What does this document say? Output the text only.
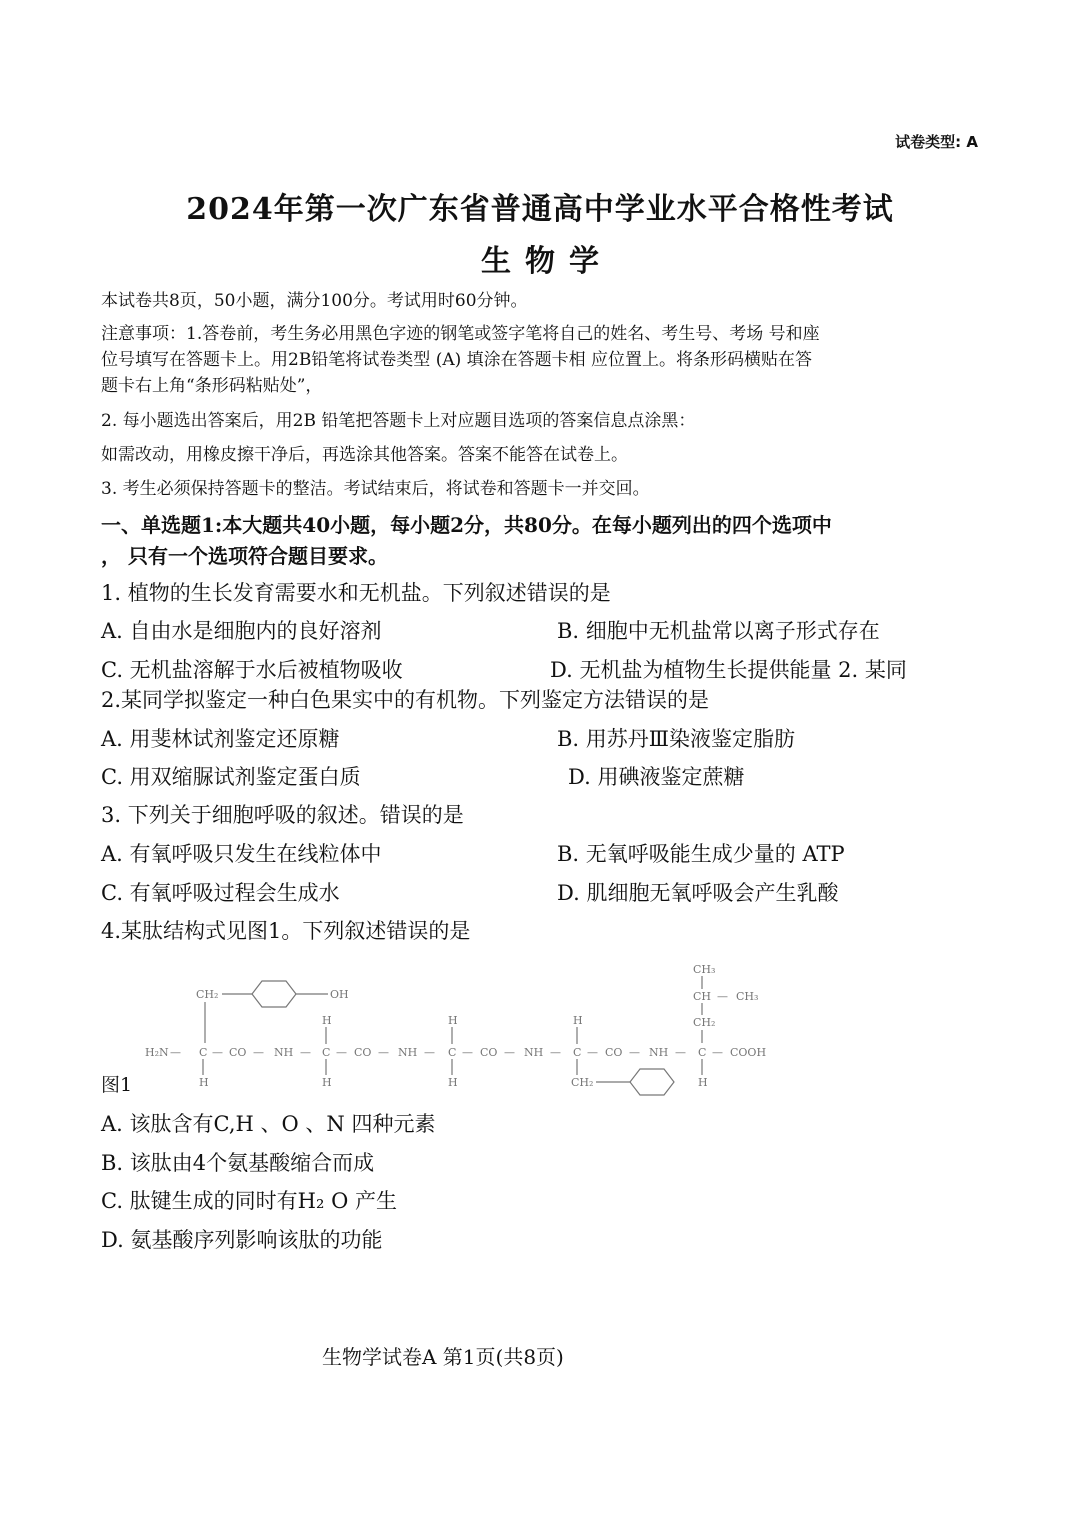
试卷类型: A
2024年第一次广东省普通高中学业水平合格性考试
生物学
本试卷共8页，50小题，满分100分。考试用时60分钟。
注意事项：1.答卷前，考生务必用黑色字迹的钢笔或签字笔将自己的姓名、考生号、考场 号和座
位号填写在答题卡上。用2B铅笔将试卷类型 (A) 填涂在答题卡相 应位置上。将条形码横贴在答
题卡右上角“条形码粘贴处”，
2. 每小题选出答案后，用2B 铅笔把答题卡上对应题目选项的答案信息点涂黑：
如需改动，用橡皮擦干净后，再选涂其他答案。答案不能答在试卷上。
3. 考生必须保持答题卡的整洁。考试结束后，将试卷和答题卡一并交回。
一、单选题1:本大题共40小题，每小题2分，共80分。在每小题列出的四个选项中
， 只有一个选项符合题目要求。
1. 植物的生长发育需要水和无机盐。下列叙述错误的是
A. 自由水是细胞内的良好溶剂	B. 细胞中无机盐常以离子形式存在
C. 无机盐溶解于水后被植物吸收	D. 无机盐为植物生长提供能量 2. 某同
2.某同学拟鉴定一种白色果实中的有机物。下列鉴定方法错误的是
A. 用斐林试剂鉴定还原糖	B. 用苏丹Ⅲ染液鉴定脂肪
C. 用双缩脲试剂鉴定蛋白质	D. 用碘液鉴定蔗糖
3. 下列关于细胞呼吸的叙述。错误的是
A. 有氧呼吸只发生在线粒体中	B. 无氧呼吸能生成少量的 ATP
C. 有氧呼吸过程会生成水	D. 肌细胞无氧呼吸会产生乳酸
4.某肽结构式见图1。下列叙述错误的是
H₂N — C — CO — NH — C — CO — NH — C — CO — NH — C — CO — NH — C — COOH
H	H	H
H	H	H	H
CH₂	OH
CH₂
CH₃
CH — CH₃
CH₂
图1
A. 该肽含有C,H 、O 、N 四种元素
B. 该肽由4个氨基酸缩合而成
C. 肽键生成的同时有H₂ O 产生
D. 氨基酸序列影响该肽的功能
生物学试卷A 第1页(共8页)
